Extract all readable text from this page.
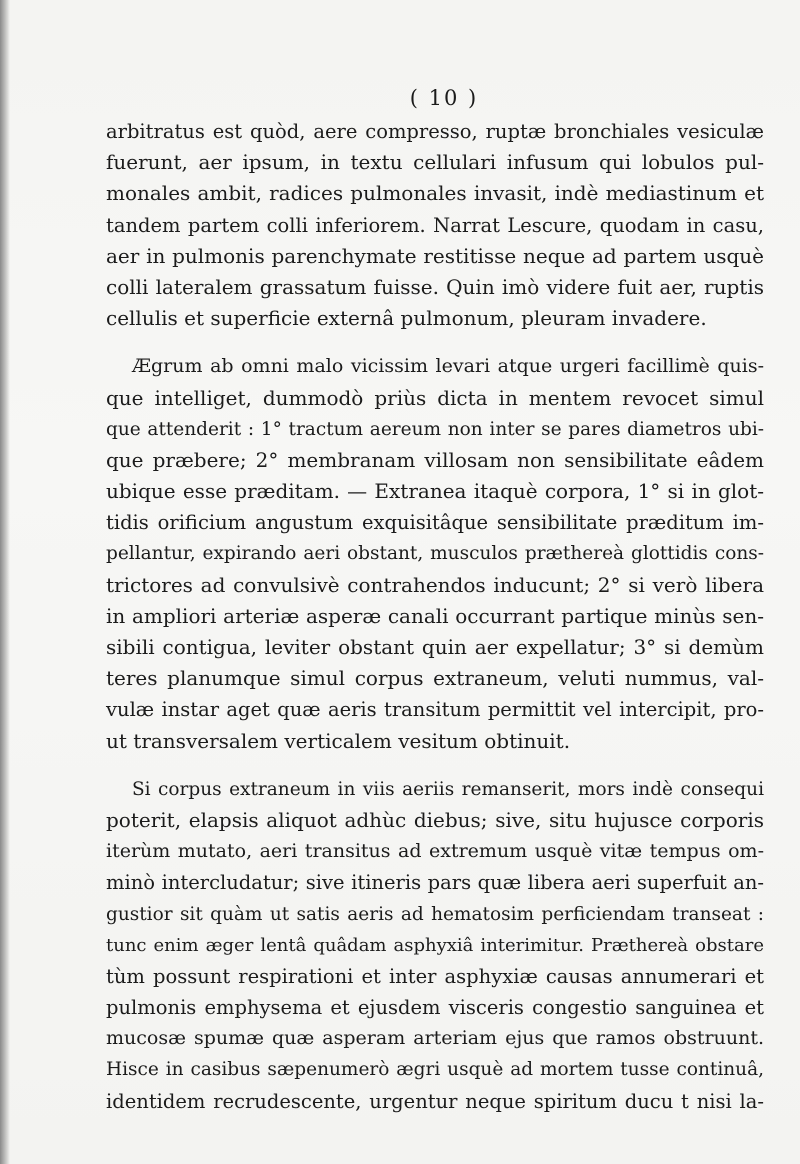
( 10 )
arbitratus est quòd, aere compresso, ruptæ bronchiales vesiculæ
fuerunt, aer ipsum, in textu cellulari infusum qui lobulos pul-
monales ambit, radices pulmonales invasit, indè mediastinum et
tandem partem colli inferiorem. Narrat Lescure, quodam in casu,
aer in pulmonis parenchymate restitisse neque ad partem usquè
colli lateralem grassatum fuisse. Quin imò videre fuit aer, ruptis
cellulis et superficie externâ pulmonum, pleuram invadere.
Ægrum ab omni malo vicissim levari atque urgeri facillimè quis-
que intelliget, dummodò priùs dicta in mentem revocet simul
que attenderit : 1° tractum aereum non inter se pares diametros ubi-
que præbere; 2° membranam villosam non sensibilitate eâdem
ubique esse præditam. — Extranea itaquè corpora, 1° si in glot-
tidis orificium angustum exquisitâque sensibilitate præditum im-
pellantur, expirando aeri obstant, musculos præthereà glottidis cons-
trictores ad convulsivè contrahendos inducunt; 2° si verò libera
in ampliori arteriæ asperæ canali occurrant partique minùs sen-
sibili contigua, leviter obstant quin aer expellatur; 3° si demùm
teres planumque simul corpus extraneum, veluti nummus, val-
vulæ instar aget quæ aeris transitum permittit vel intercipit, pro-
ut transversalem verticalem vesitum obtinuit.
Si corpus extraneum in viis aeriis remanserit, mors indè consequi
poterit, elapsis aliquot adhùc diebus; sive, situ hujusce corporis
iterùm mutato, aeri transitus ad extremum usquè vitæ tempus om-
minò intercludatur; sive itineris pars quæ libera aeri superfuit an-
gustior sit quàm ut satis aeris ad hematosim perficiendam transeat :
tunc enim æger lentâ quâdam asphyxiâ interimitur. Præthereà obstare
tùm possunt respirationi et inter asphyxiæ causas annumerari et
pulmonis emphysema et ejusdem visceris congestio sanguinea et
mucosæ spumæ quæ asperam arteriam ejus que ramos obstruunt.
Hisce in casibus sæpenumerò ægri usquè ad mortem tusse continuâ,
identidem recrudescente, urgentur neque spiritum ducu t nisi la-
